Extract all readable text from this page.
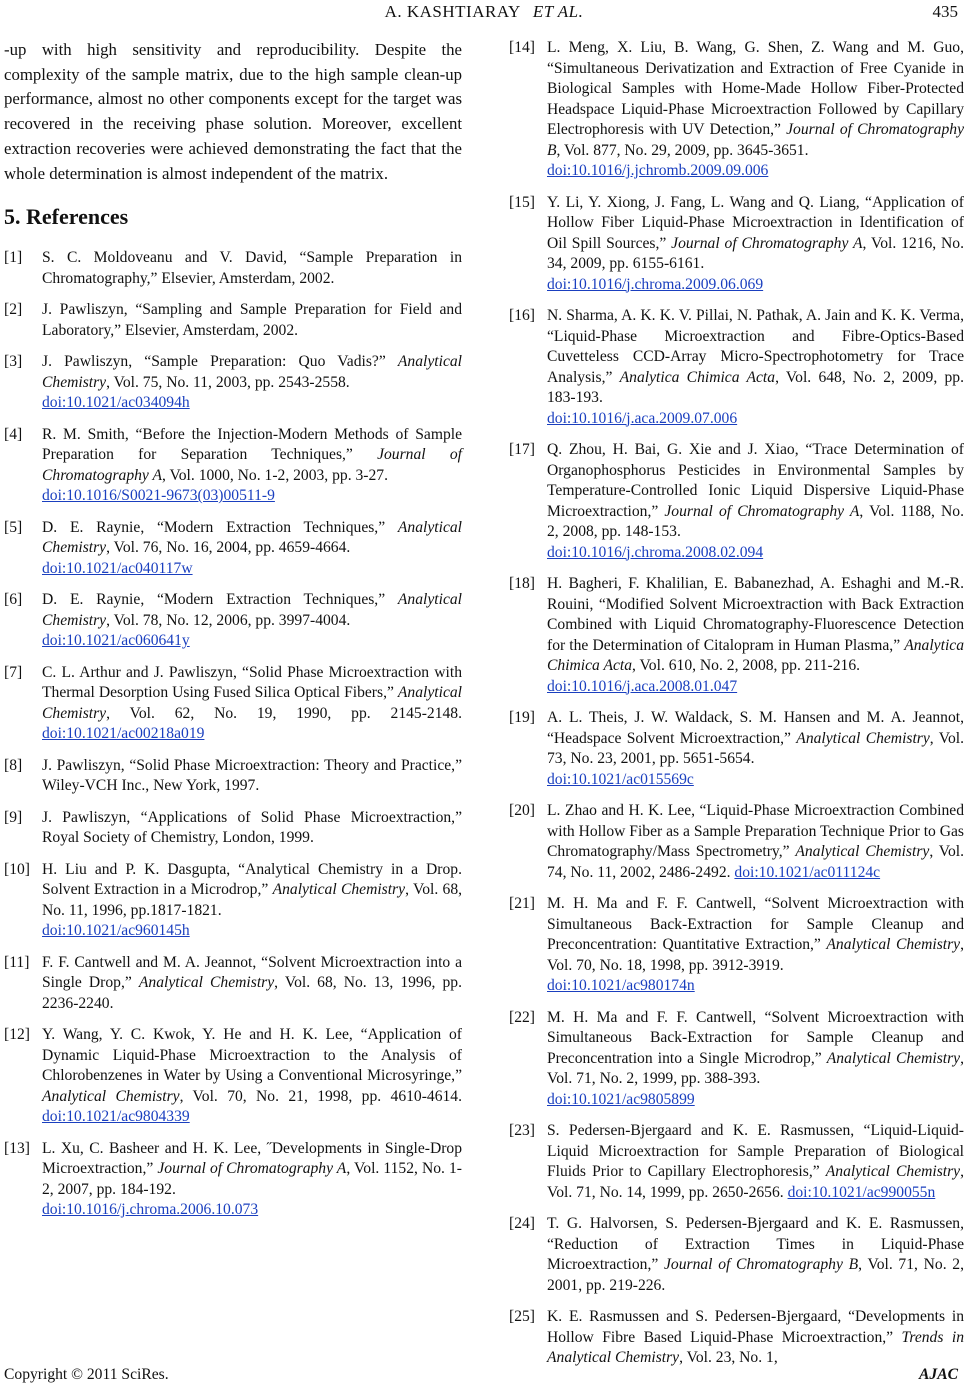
A. KASHTIARAY ET AL.	435

-up with high sensitivity and reproducibility. Despite the complexity of the sample matrix, due to the high sample clean-up performance, almost no other components except for the target was recovered in the receiving phase solution. Moreover, excellent extraction recoveries were achieved demonstrating the fact that the whole determination is almost independent of the matrix.

5. References
[1] S. C. Moldoveanu and V. David, “Sample Preparation in Chromatography,” Elsevier, Amsterdam, 2002.
[2] J. Pawliszyn, “Sampling and Sample Preparation for Field and Laboratory,” Elsevier, Amsterdam, 2002.
[3] J. Pawliszyn, “Sample Preparation: Quo Vadis?” Analytical Chemistry, Vol. 75, No. 11, 2003, pp. 2543-2558.
doi:10.1021/ac034094h
[4] R. M. Smith, “Before the Injection-Modern Methods of Sample Preparation for Separation Techniques,” Journal of Chromatography A, Vol. 1000, No. 1-2, 2003, pp. 3-27.
doi:10.1016/S0021-9673(03)00511-9
[5] D. E. Raynie, “Modern Extraction Techniques,” Analytical Chemistry, Vol. 76, No. 16, 2004, pp. 4659-4664.
doi:10.1021/ac040117w
[6] D. E. Raynie, “Modern Extraction Techniques,” Analytical Chemistry, Vol. 78, No. 12, 2006, pp. 3997-4004.
doi:10.1021/ac060641y
[7] C. L. Arthur and J. Pawliszyn, “Solid Phase Microextraction with Thermal Desorption Using Fused Silica Optical Fibers,” Analytical Chemistry, Vol. 62, No. 19, 1990, pp. 2145-2148. doi:10.1021/ac00218a019
[8] J. Pawliszyn, “Solid Phase Microextraction: Theory and Practice,” Wiley-VCH Inc., New York, 1997.
[9] J. Pawliszyn, “Applications of Solid Phase Microextraction,” Royal Society of Chemistry, London, 1999.
[10] H. Liu and P. K. Dasgupta, “Analytical Chemistry in a Drop. Solvent Extraction in a Microdrop,” Analytical Chemistry, Vol. 68, No. 11, 1996, pp.1817-1821.
doi:10.1021/ac960145h
[11] F. F. Cantwell and M. A. Jeannot, “Solvent Microextraction into a Single Drop,” Analytical Chemistry, Vol. 68, No. 13, 1996, pp. 2236-2240.
[12] Y. Wang, Y. C. Kwok, Y. He and H. K. Lee, “Application of Dynamic Liquid-Phase Microextraction to the Analysis of Chlorobenzenes in Water by Using a Conventional Microsyringe,” Analytical Chemistry, Vol. 70, No. 21, 1998, pp. 4610-4614. doi:10.1021/ac9804339
[13] L. Xu, C. Basheer and H. K. Lee, ˝Developments in Single-Drop Microextraction,” Journal of Chromatography A, Vol. 1152, No. 1-2, 2007, pp. 184-192.
doi:10.1016/j.chroma.2006.10.073
[14] L. Meng, X. Liu, B. Wang, G. Shen, Z. Wang and M. Guo, “Simultaneous Derivatization and Extraction of Free Cyanide in Biological Samples with Home-Made Hollow Fiber-Protected Headspace Liquid-Phase Microextraction Followed by Capillary Electrophoresis with UV Detection,” Journal of Chromatography B, Vol. 877, No. 29, 2009, pp. 3645-3651.
doi:10.1016/j.jchromb.2009.09.006
[15] Y. Li, Y. Xiong, J. Fang, L. Wang and Q. Liang, “Application of Hollow Fiber Liquid-Phase Microextraction in Identification of Oil Spill Sources,” Journal of Chromatography A, Vol. 1216, No. 34, 2009, pp. 6155-6161.
doi:10.1016/j.chroma.2009.06.069
[16] N. Sharma, A. K. K. V. Pillai, N. Pathak, A. Jain and K. K. Verma, “Liquid-Phase Microextraction and Fibre-Optics-Based Cuvetteless CCD-Array Micro-Spectrophotometry for Trace Analysis,” Analytica Chimica Acta, Vol. 648, No. 2, 2009, pp. 183-193.
doi:10.1016/j.aca.2009.07.006
[17] Q. Zhou, H. Bai, G. Xie and J. Xiao, “Trace Determination of Organophosphorus Pesticides in Environmental Samples by Temperature-Controlled Ionic Liquid Dispersive Liquid-Phase Microextraction,” Journal of Chromatography A, Vol. 1188, No. 2, 2008, pp. 148-153.
doi:10.1016/j.chroma.2008.02.094
[18] H. Bagheri, F. Khalilian, E. Babanezhad, A. Eshaghi and M.-R. Rouini, “Modified Solvent Microextraction with Back Extraction Combined with Liquid Chromatography-Fluorescence Detection for the Determination of Citalopram in Human Plasma,” Analytica Chimica Acta, Vol. 610, No. 2, 2008, pp. 211-216.
doi:10.1016/j.aca.2008.01.047
[19] A. L. Theis, J. W. Waldack, S. M. Hansen and M. A. Jeannot, “Headspace Solvent Microextraction,” Analytical Chemistry, Vol. 73, No. 23, 2001, pp. 5651-5654.
doi:10.1021/ac015569c
[20] L. Zhao and H. K. Lee, “Liquid-Phase Microextraction Combined with Hollow Fiber as a Sample Preparation Technique Prior to Gas Chromatography/Mass Spectrometry,” Analytical Chemistry, Vol. 74, No. 11, 2002, 2486-2492. doi:10.1021/ac011124c
[21] M. H. Ma and F. F. Cantwell, “Solvent Microextraction with Simultaneous Back-Extraction for Sample Cleanup and Preconcentration: Quantitative Extraction,” Analytical Chemistry, Vol. 70, No. 18, 1998, pp. 3912-3919.
doi:10.1021/ac980174n
[22] M. H. Ma and F. F. Cantwell, “Solvent Microextraction with Simultaneous Back-Extraction for Sample Cleanup and Preconcentration into a Single Microdrop,” Analytical Chemistry, Vol. 71, No. 2, 1999, pp. 388-393.
doi:10.1021/ac9805899
[23] S. Pedersen-Bjergaard and K. E. Rasmussen, “Liquid-Liquid-Liquid Microextraction for Sample Preparation of Biological Fluids Prior to Capillary Electrophoresis,” Analytical Chemistry, Vol. 71, No. 14, 1999, pp. 2650-2656. doi:10.1021/ac990055n
[24] T. G. Halvorsen, S. Pedersen-Bjergaard and K. E. Rasmussen, “Reduction of Extraction Times in Liquid-Phase Microextraction,” Journal of Chromatography B, Vol. 71, No. 2, 2001, pp. 219-226.
[25] K. E. Rasmussen and S. Pedersen-Bjergaard, “Developments in Hollow Fibre Based Liquid-Phase Microextraction,” Trends in Analytical Chemistry, Vol. 23, No. 1,
Copyright © 2011 SciRes.	AJAC
